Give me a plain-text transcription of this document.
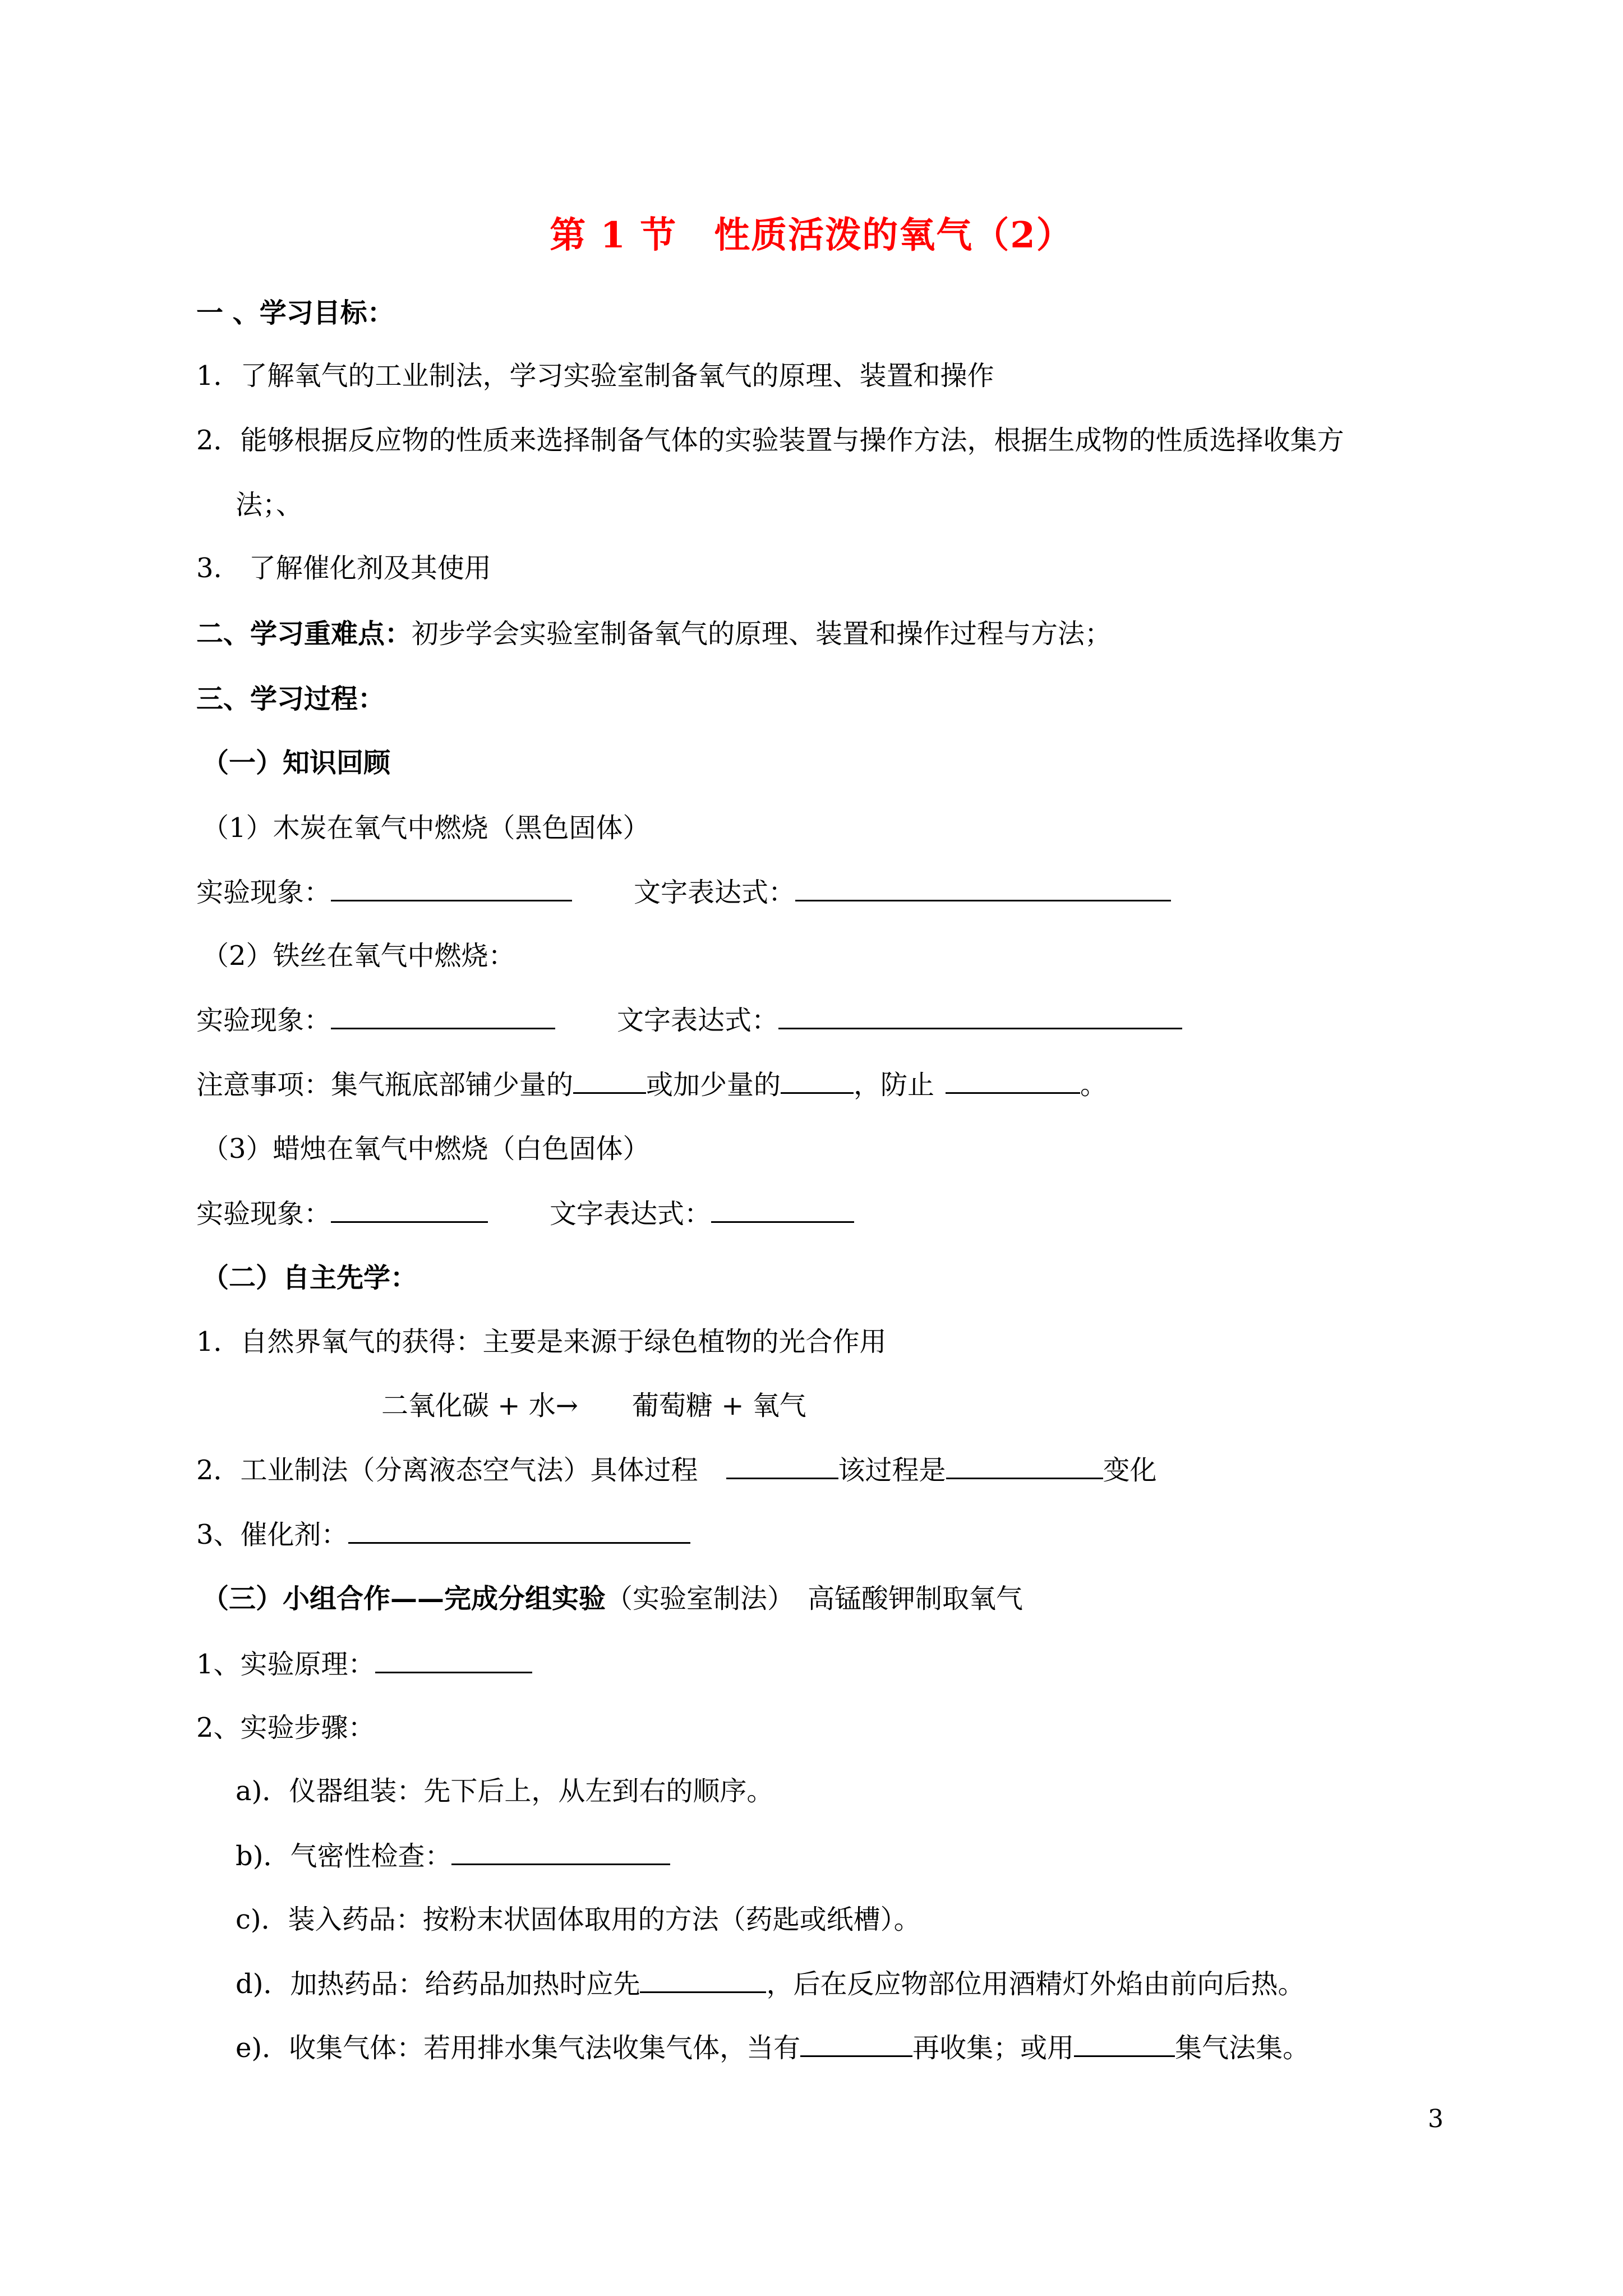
第 1 节　性质活泼的氧气（2）
一 、学习目标：
1．了解氧气的工业制法，学习实验室制备氧气的原理、装置和操作
2．能够根据反应物的性质来选择制备气体的实验装置与操作方法，根据生成物的性质选择收集方
法；、
3.　了解催化剂及其使用
二、学习重难点：初步学会实验室制备氧气的原理、装置和操作过程与方法；
三、学习过程：
（一）知识回顾
（1）木炭在氧气中燃烧（黑色固体）
实验现象：	文字表达式：
（2）铁丝在氧气中燃烧：
实验现象：	文字表达式：
注意事项：集气瓶底部铺少量的	或加少量的	，防止	。
（3）蜡烛在氧气中燃烧（白色固体）
实验现象：	文字表达式：
（二）自主先学：
1．自然界氧气的获得：主要是来源于绿色植物的光合作用
二氧化碳 + 水→　　葡萄糖 + 氧气
2．工业制法（分离液态空气法）具体过程	该过程是	变化
3、催化剂：
（三）小组合作——完成分组实验（实验室制法）　高锰酸钾制取氧气
1、实验原理：
2、实验步骤：
a)．仪器组装：先下后上，从左到右的顺序。
b)．气密性检查：
c)．装入药品：按粉末状固体取用的方法（药匙或纸槽）。
d)．加热药品：给药品加热时应先	，后在反应物部位用酒精灯外焰由前向后热。
e)．收集气体：若用排水集气法收集气体，当有	再收集；或用	集气法集。
3
